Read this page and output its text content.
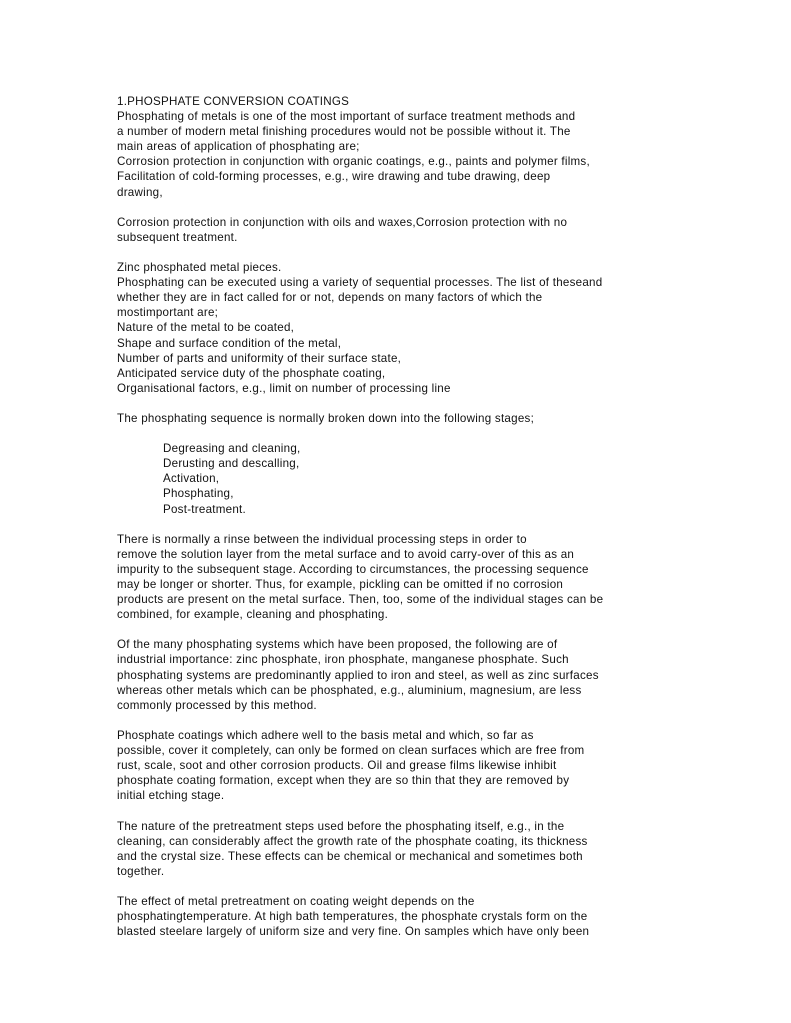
1.PHOSPHATE CONVERSION COATINGS
Phosphating of metals is one of the most important of surface treatment methods and
a number of modern metal finishing procedures would not be possible without it. The
main areas of application of phosphating are;
Corrosion protection in conjunction with organic coatings, e.g., paints and polymer films,
Facilitation of cold-forming processes, e.g., wire drawing and tube drawing, deep
drawing,
Corrosion protection in conjunction with oils and waxes,Corrosion protection with no
subsequent treatment.
Zinc phosphated metal pieces.
Phosphating can be executed using a variety of sequential processes. The list of theseand
whether they are in fact called for or not, depends on many factors of which the
mostimportant are;
Nature of the metal to be coated,
Shape and surface condition of the metal,
Number of parts and uniformity of their surface state,
Anticipated service duty of the phosphate coating,
Organisational factors, e.g., limit on number of processing line
The phosphating sequence is normally broken down into the following stages;
Degreasing and cleaning,
Derusting and descalling,
Activation,
Phosphating,
Post-treatment.
There is normally a rinse between the individual processing steps in order to
remove the solution layer from the metal surface and to avoid carry-over of this as an
impurity to the subsequent stage. According to circumstances, the processing sequence
may be longer or shorter. Thus, for example, pickling can be omitted if no corrosion
products are present on the metal surface. Then, too, some of the individual stages can be
combined, for example, cleaning and phosphating.
Of the many phosphating systems which have been proposed, the following are of
industrial importance: zinc phosphate, iron phosphate, manganese phosphate. Such
phosphating systems are predominantly applied to iron and steel, as well as zinc surfaces
whereas other metals which can be phosphated, e.g., aluminium, magnesium, are less
commonly processed by this method.
Phosphate coatings which adhere well to the basis metal and which, so far as
possible, cover it completely, can only be formed on clean surfaces which are free from
rust, scale, soot and other corrosion products. Oil and grease films likewise inhibit
phosphate coating formation, except when they are so thin that they are removed by
initial etching stage.
The nature of the pretreatment steps used before the phosphating itself, e.g., in the
cleaning, can considerably affect the growth rate of the phosphate coating, its thickness
and the crystal size. These effects can be chemical or mechanical and sometimes both
together.
The effect of metal pretreatment on coating weight depends on the
phosphatingtemperature. At high bath temperatures, the phosphate crystals form on the
blasted steelare largely of uniform size and very fine. On samples which have only been
